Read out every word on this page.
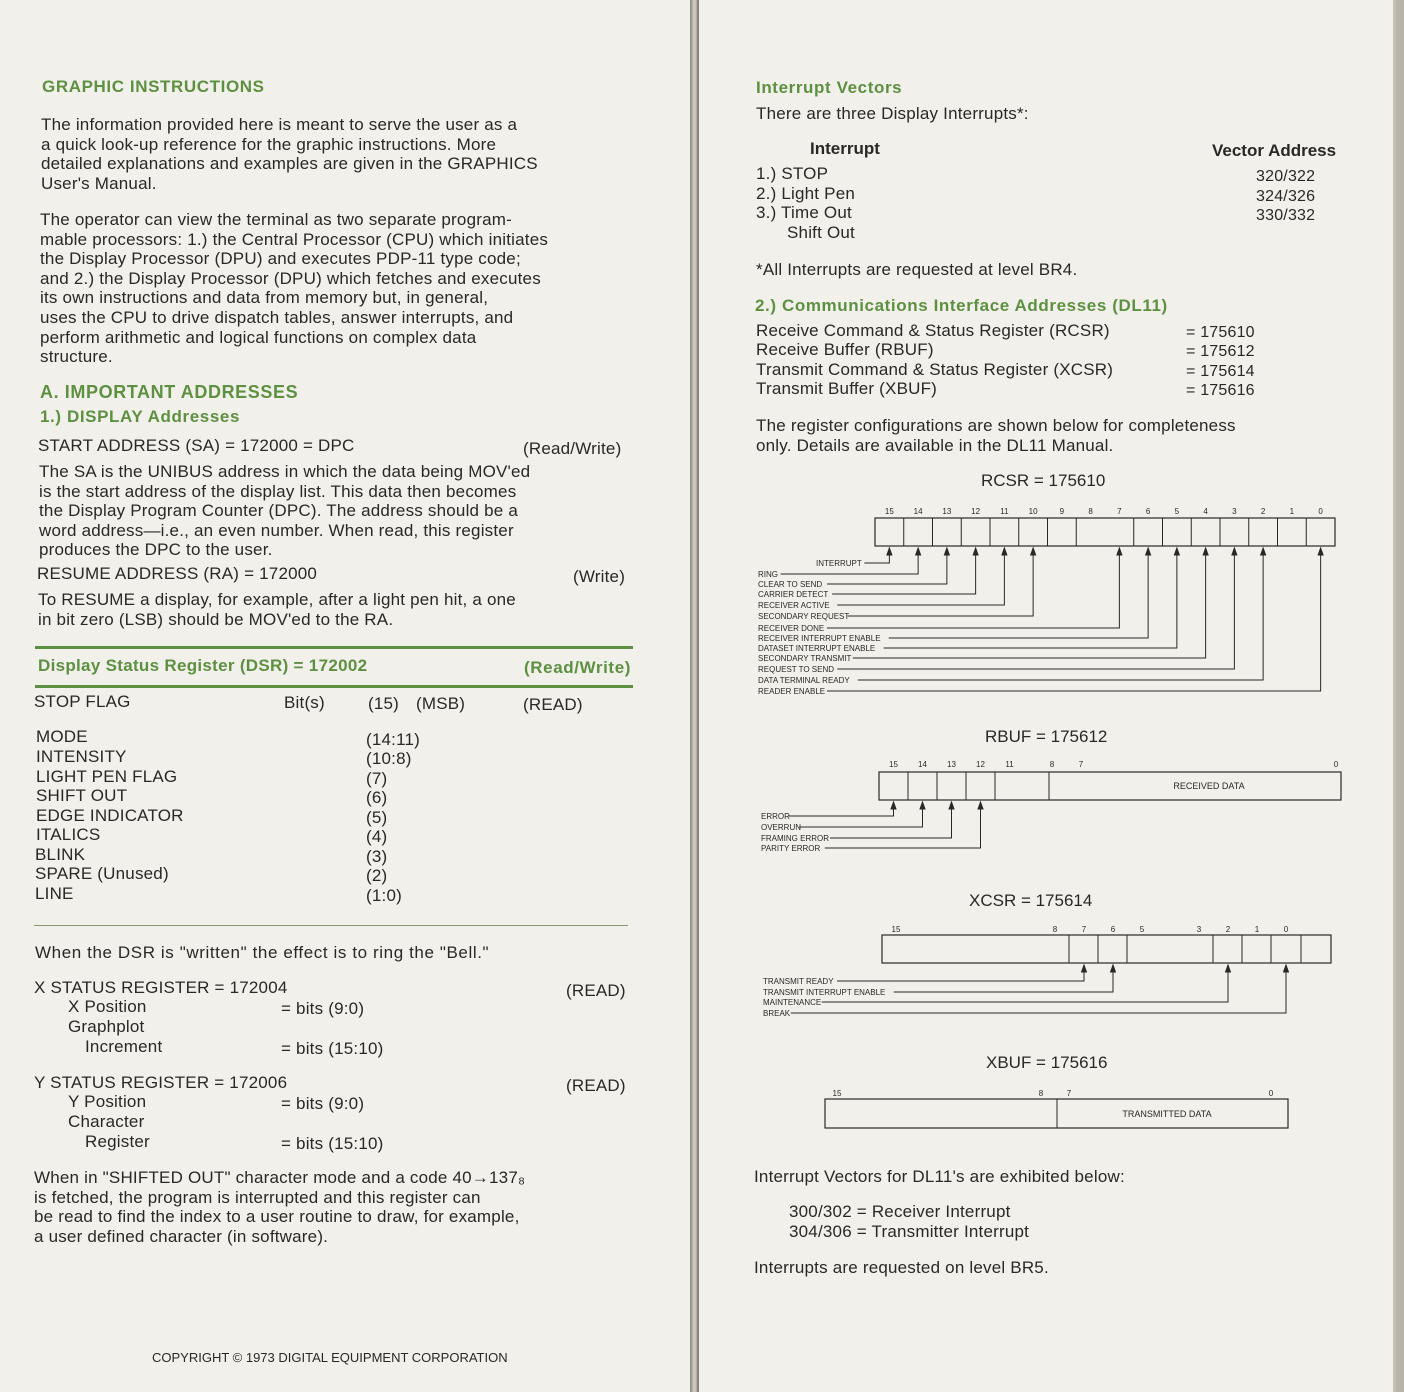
GRAPHIC INSTRUCTIONS

The information provided here is meant to serve the user as a

a quick look-up reference for the graphic instructions. More

detailed explanations and examples are given in the GRAPHICS

User's Manual.

The operator can view the terminal as two separate program-

mable processors: 1.) the Central Processor (CPU) which initiates

the Display Processor (DPU) and executes PDP-11 type code;

and 2.) the Display Processor (DPU) which fetches and executes

its own instructions and data from memory but, in general,

uses the CPU to drive dispatch tables, answer interrupts, and

perform arithmetic and logical functions on complex data

structure.

A. IMPORTANT ADDRESSES
1.) DISPLAY Addresses
START ADDRESS (SA) = 172000 = DPC	(Read/Write)

The SA is the UNIBUS address in which the data being MOV'ed

is the start address of the display list. This data then becomes

the Display Program Counter (DPC). The address should be a

word address—i.e., an even number. When read, this register

produces the DPC to the user.

RESUME ADDRESS (RA) = 172000	(Write)

To RESUME a display, for example, after a light pen hit, a one

in bit zero (LSB) should be MOV'ed to the RA.

Display Status Register (DSR) = 172002	(Read/Write)
STOP FLAG	Bit(s)	(15) (MSB)	(READ)
MODE	(14:11)
INTENSITY	(10:8)
LIGHT PEN FLAG	(7)
SHIFT OUT	(6)
EDGE INDICATOR	(5)
ITALICS	(4)
BLINK	(3)
SPARE (Unused)	(2)
LINE	(1:0)
When the DSR is "written" the effect is to ring the "Bell."
X STATUS REGISTER = 172004	(READ)
X Position	= bits (9:0)
Graphplot
Increment	= bits (15:10)
Y STATUS REGISTER = 172006	(READ)
Y Position	= bits (9:0)
Character
Register	= bits (15:10)

When in "SHIFTED OUT" character mode and a code 40→137₈

is fetched, the program is interrupted and this register can

be read to find the index to a user routine to draw, for example,

a user defined character (in software).

COPYRIGHT © 1973 DIGITAL EQUIPMENT CORPORATION
Interrupt Vectors
There are three Display Interrupts*:
Interrupt	Vector Address
1.) STOP	320/322
2.) Light Pen	324/326
3.) Time Out	330/332
Shift Out
*All Interrupts are requested at level BR4.
2.) Communications Interface Addresses (DL11)
Receive Command & Status Register (RCSR)	= 175610
Receive Buffer (RBUF)	= 175612
Transmit Command & Status Register (XCSR)	= 175614
Transmit Buffer (XBUF)	= 175616

The register configurations are shown below for completeness

only. Details are available in the DL11 Manual.

RCSR = 175610
15 14 13 12	11	10	9	8	7	6	5	4	3	2	1	0
INTERRUPT
RING
CLEAR TO SEND
CARRIER DETECT
RECEIVER ACTIVE
SECONDARY REQUEST
RECEIVER DONE
RECEIVER INTERRUPT ENABLE
DATASET INTERRUPT ENABLE
SECONDARY TRANSMIT
REQUEST TO SEND
DATA TERMINAL READY
READER ENABLE
RBUF = 175612
15	14	13	12	11	8	7	0
RECEIVED DATA
ERROR
OVERRUN
FRAMING ERROR
PARITY ERROR
XCSR = 175614
15	8	7	6	5	3	2	1	0
TRANSMIT READY
TRANSMIT INTERRUPT ENABLE
MAINTENANCE
BREAK
XBUF = 175616
15	8	7	0
TRANSMITTED DATA
Interrupt Vectors for DL11's are exhibited below:
300/302 = Receiver Interrupt
304/306 = Transmitter Interrupt
Interrupts are requested on level BR5.
